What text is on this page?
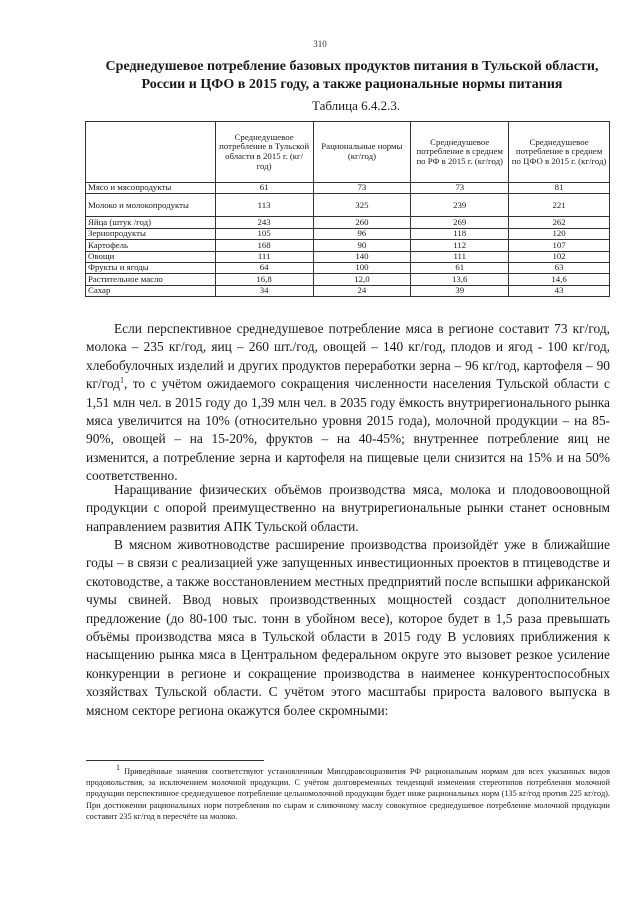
310
Среднедушевое потребление базовых продуктов питания в Тульской области, России и ЦФО в 2015 году, а также рациональные нормы питания
Таблица 6.4.2.3.
	Среднедушевое потребление в Тульской области в 2015 г. (кг/год)	Рациональные нормы (кг/год)	Среднедушевое потребление в среднем по РФ в 2015 г. (кг/год)	Среднедушевое потребление в среднем по ЦФО в 2015 г. (кг/год)
Мясо и мясопродукты	61	73	73	81
Молоко и молокопродукты	113	325	239	221
Яйца (штук /год)	243	260	269	262
Зернопродукты	105	96	118	120
Картофель	168	90	112	107
Овощи	111	140	111	102
Фрукты и ягоды	64	100	61	63
Растительное масло	16,8	12,0	13,6	14,6
Сахар	34	24	39	43

Если перспективное среднедушевое потребление мяса в регионе составит 73 кг/год, молока – 235 кг/год, яиц – 260 шт./год, овощей – 140 кг/год, плодов и ягод - 100 кг/год, хлебобулочных изделий и других продуктов переработки зерна – 96 кг/год, картофеля – 90 кг/год$^1$, то с учётом ожидаемого сокращения численности населения Тульской области с 1,51 млн чел. в 2015 году до 1,39 млн чел. в 2035 году ёмкость внутрирегионального рынка мяса увеличится на 10% (относительно уровня 2015 года), молочной продукции – на 85-90%, овощей – на 15-20%, фруктов – на 40-45%; внутреннее потребление яиц не изменится, а потребление зерна и картофеля на пищевые цели снизится на 15% и на 50% соответственно.

Наращивание физических объёмов производства мяса, молока и плодовоовощной продукции с опорой преимущественно на внутрирегиональные рынки станет основным направлением развития АПК Тульской области.

В мясном животноводстве расширение производства произойдёт уже в ближайшие годы – в связи с реализацией уже запущенных инвестиционных проектов в птицеводстве и скотоводстве, а также восстановлением местных предприятий после вспышки африканской чумы свиней. Ввод новых производственных мощностей создаст дополнительное предложение (до 80-100 тыс. тонн в убойном весе), которое будет в 1,5 раза превышать объёмы производства мяса в Тульской области в 2015 году В условиях приближения к насыщению рынка мяса в Центральном федеральном округе это вызовет резкое усиление конкуренции в регионе и сокращение производства в наименее конкурентоспособных хозяйствах Тульской области. С учётом этого масштабы прироста валового выпуска в мясном секторе региона окажутся более скромными:

$^1$ Приведённые значения соответствуют установленным Минздравсоцразвития РФ рациональным нормам для всех указанных видов продовольствия, за исключением молочной продукции. С учётом долговременных тенденций изменения стереотипов потребления молочной продукции перспективное среднедушевое потребление цельномолочной продукции будет ниже рациональных норм (135 кг/год против 225 кг/год). При достижении рациональных норм потребления по сырам и сливочному маслу совокупное среднедушевое потребление молочной продукции составит 235 кг/год в пересчёте на молоко.
